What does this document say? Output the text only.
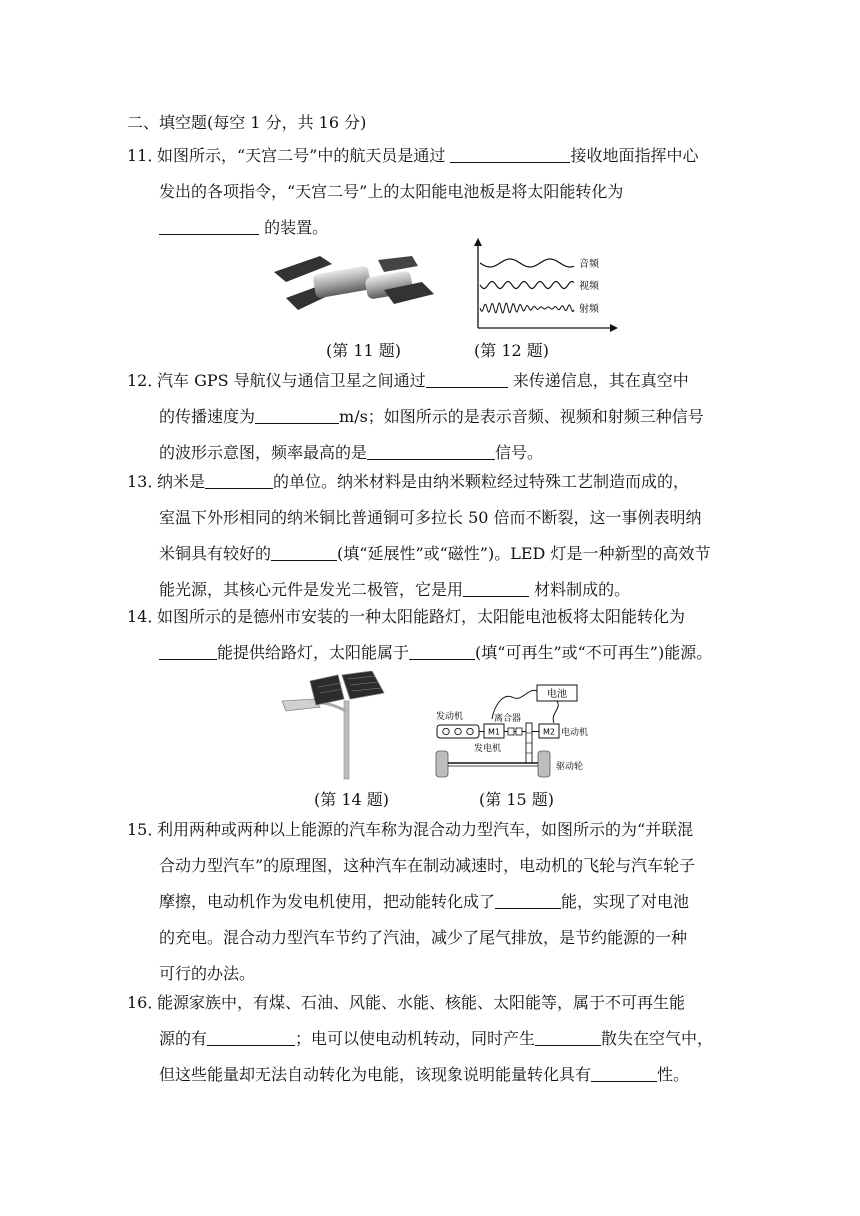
二、填空题(每空 1 分，共 16 分)
11．如图所示，“天宫二号”中的航天员是通过	接收地面指挥中心
发出的各项指令，“天宫二号”上的太阳能电池板是将太阳能转化为
的装置。
音频
视频
射频
(第 11 题)	(第 12 题)
12．汽车 GPS 导航仪与通信卫星之间通过	来传递信息，其在真空中
的传播速度为	m/s；如图所示的是表示音频、视频和射频三种信号
的波形示意图，频率最高的是	信号。
13．纳米是	的单位。纳米材料是由纳米颗粒经过特殊工艺制造而成的，
室温下外形相同的纳米铜比普通铜可多拉长 50 倍而不断裂，这一事例表明纳
米铜具有较好的	(填“延展性”或“磁性”)。LED 灯是一种新型的高效节
能光源，其核心元件是发光二极管，它是用	材料制成的。
14．如图所示的是德州市安装的一种太阳能路灯，太阳能电池板将太阳能转化为
能提供给路灯，太阳能属于	(填“可再生”或“不可再生”)能源。
电池
发动机	离合器
M1	M2 电动机
发电机
驱动轮
(第 14 题)	(第 15 题)
15．利用两种或两种以上能源的汽车称为混合动力型汽车，如图所示的为“并联混
合动力型汽车”的原理图，这种汽车在制动减速时，电动机的飞轮与汽车轮子
摩擦，电动机作为发电机使用，把动能转化成了	能，实现了对电池
的充电。混合动力型汽车节约了汽油，减少了尾气排放，是节约能源的一种
可行的办法。
16．能源家族中，有煤、石油、风能、水能、核能、太阳能等，属于不可再生能
源的有	；电可以使电动机转动，同时产生	散失在空气中，
但这些能量却无法自动转化为电能，该现象说明能量转化具有	性。
